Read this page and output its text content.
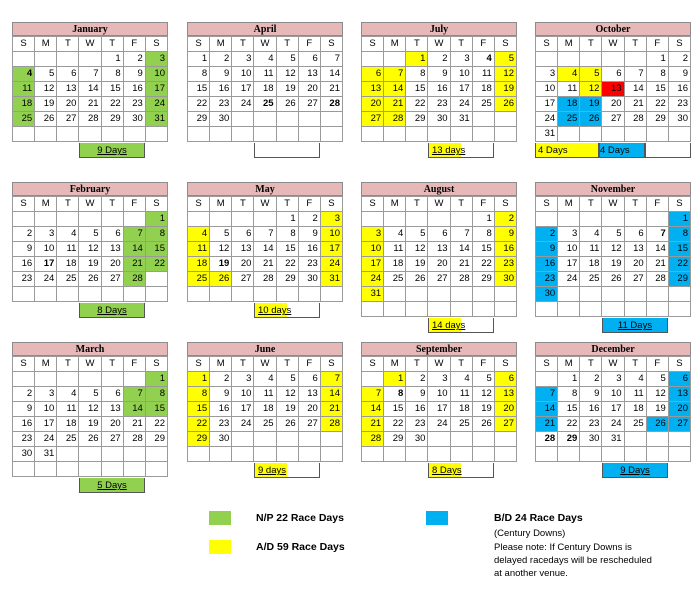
January
S	M	T	W	T	F	S
				1	2	3
4	5	6	7	8	9	10
11	12	13	14	15	16	17
18	19	20	21	22	23	24
25	26	27	28	29	30	31

9 Days
April
S	M	T	W	T	F	S
1	2	3	4	5	6	7
8	9	10	11	12	13	14
15	16	17	18	19	20	21
22	23	24	25	26	27	28
29	30					

July
S	M	T	W	T	F	S
		1	2	3	4	5
6	7	8	9	10	11	12
13	14	15	16	17	18	19
20	21	22	23	24	25	26
27	28	29	30	31		

13 days
October
S	M	T	W	T	F	S
					1	2
3	4	5	6	7	8	9
10	11	12	13	14	15	16
17	18	19	20	21	22	23
24	25	26	27	28	29	30
31						
4 Days	4 Days
February
S	M	T	W	T	F	S
						1
2	3	4	5	6	7	8
9	10	11	12	13	14	15
16	17	18	19	20	21	22
23	24	25	26	27	28	

8 Days
May
S	M	T	W	T	F	S
				1	2	3
4	5	6	7	8	9	10
11	12	13	14	15	16	17
18	19	20	21	22	23	24
25	26	27	28	29	30	31

10 days
August
S	M	T	W	T	F	S
					1	2
3	4	5	6	7	8	9
10	11	12	13	14	15	16
17	18	19	20	21	22	23
24	25	26	27	28	29	30
31						

14 days
November
S	M	T	W	T	F	S
						1
2	3	4	5	6	7	8
9	10	11	12	13	14	15
16	17	18	19	20	21	22
23	24	25	26	27	28	29
30						

11 Days
March
S	M	T	W	T	F	S
						1
2	3	4	5	6	7	8
9	10	11	12	13	14	15
16	17	18	19	20	21	22
23	24	25	26	27	28	29
30	31					

5 Days
June
S	M	T	W	T	F	S
1	2	3	4	5	6	7
8	9	10	11	12	13	14
15	16	17	18	19	20	21
22	23	24	25	26	27	28
29	30					

9 days
September
S	M	T	W	T	F	S
	1	2	3	4	5	6
7	8	9	10	11	12	13
14	15	16	17	18	19	20
21	22	23	24	25	26	27
28	29	30				

8 Days
December
S	M	T	W	T	F	S
	1	2	3	4	5	6
7	8	9	10	11	12	13
14	15	16	17	18	19	20
21	22	23	24	25	26	27
28	29	30	31			

9 Days
N/P 22 Race Days
A/D 59 Race Days
B/D 24 Race Days
(Century Downs)
Please note: If Century Downs is
delayed racedays will be rescheduled
at another venue.
